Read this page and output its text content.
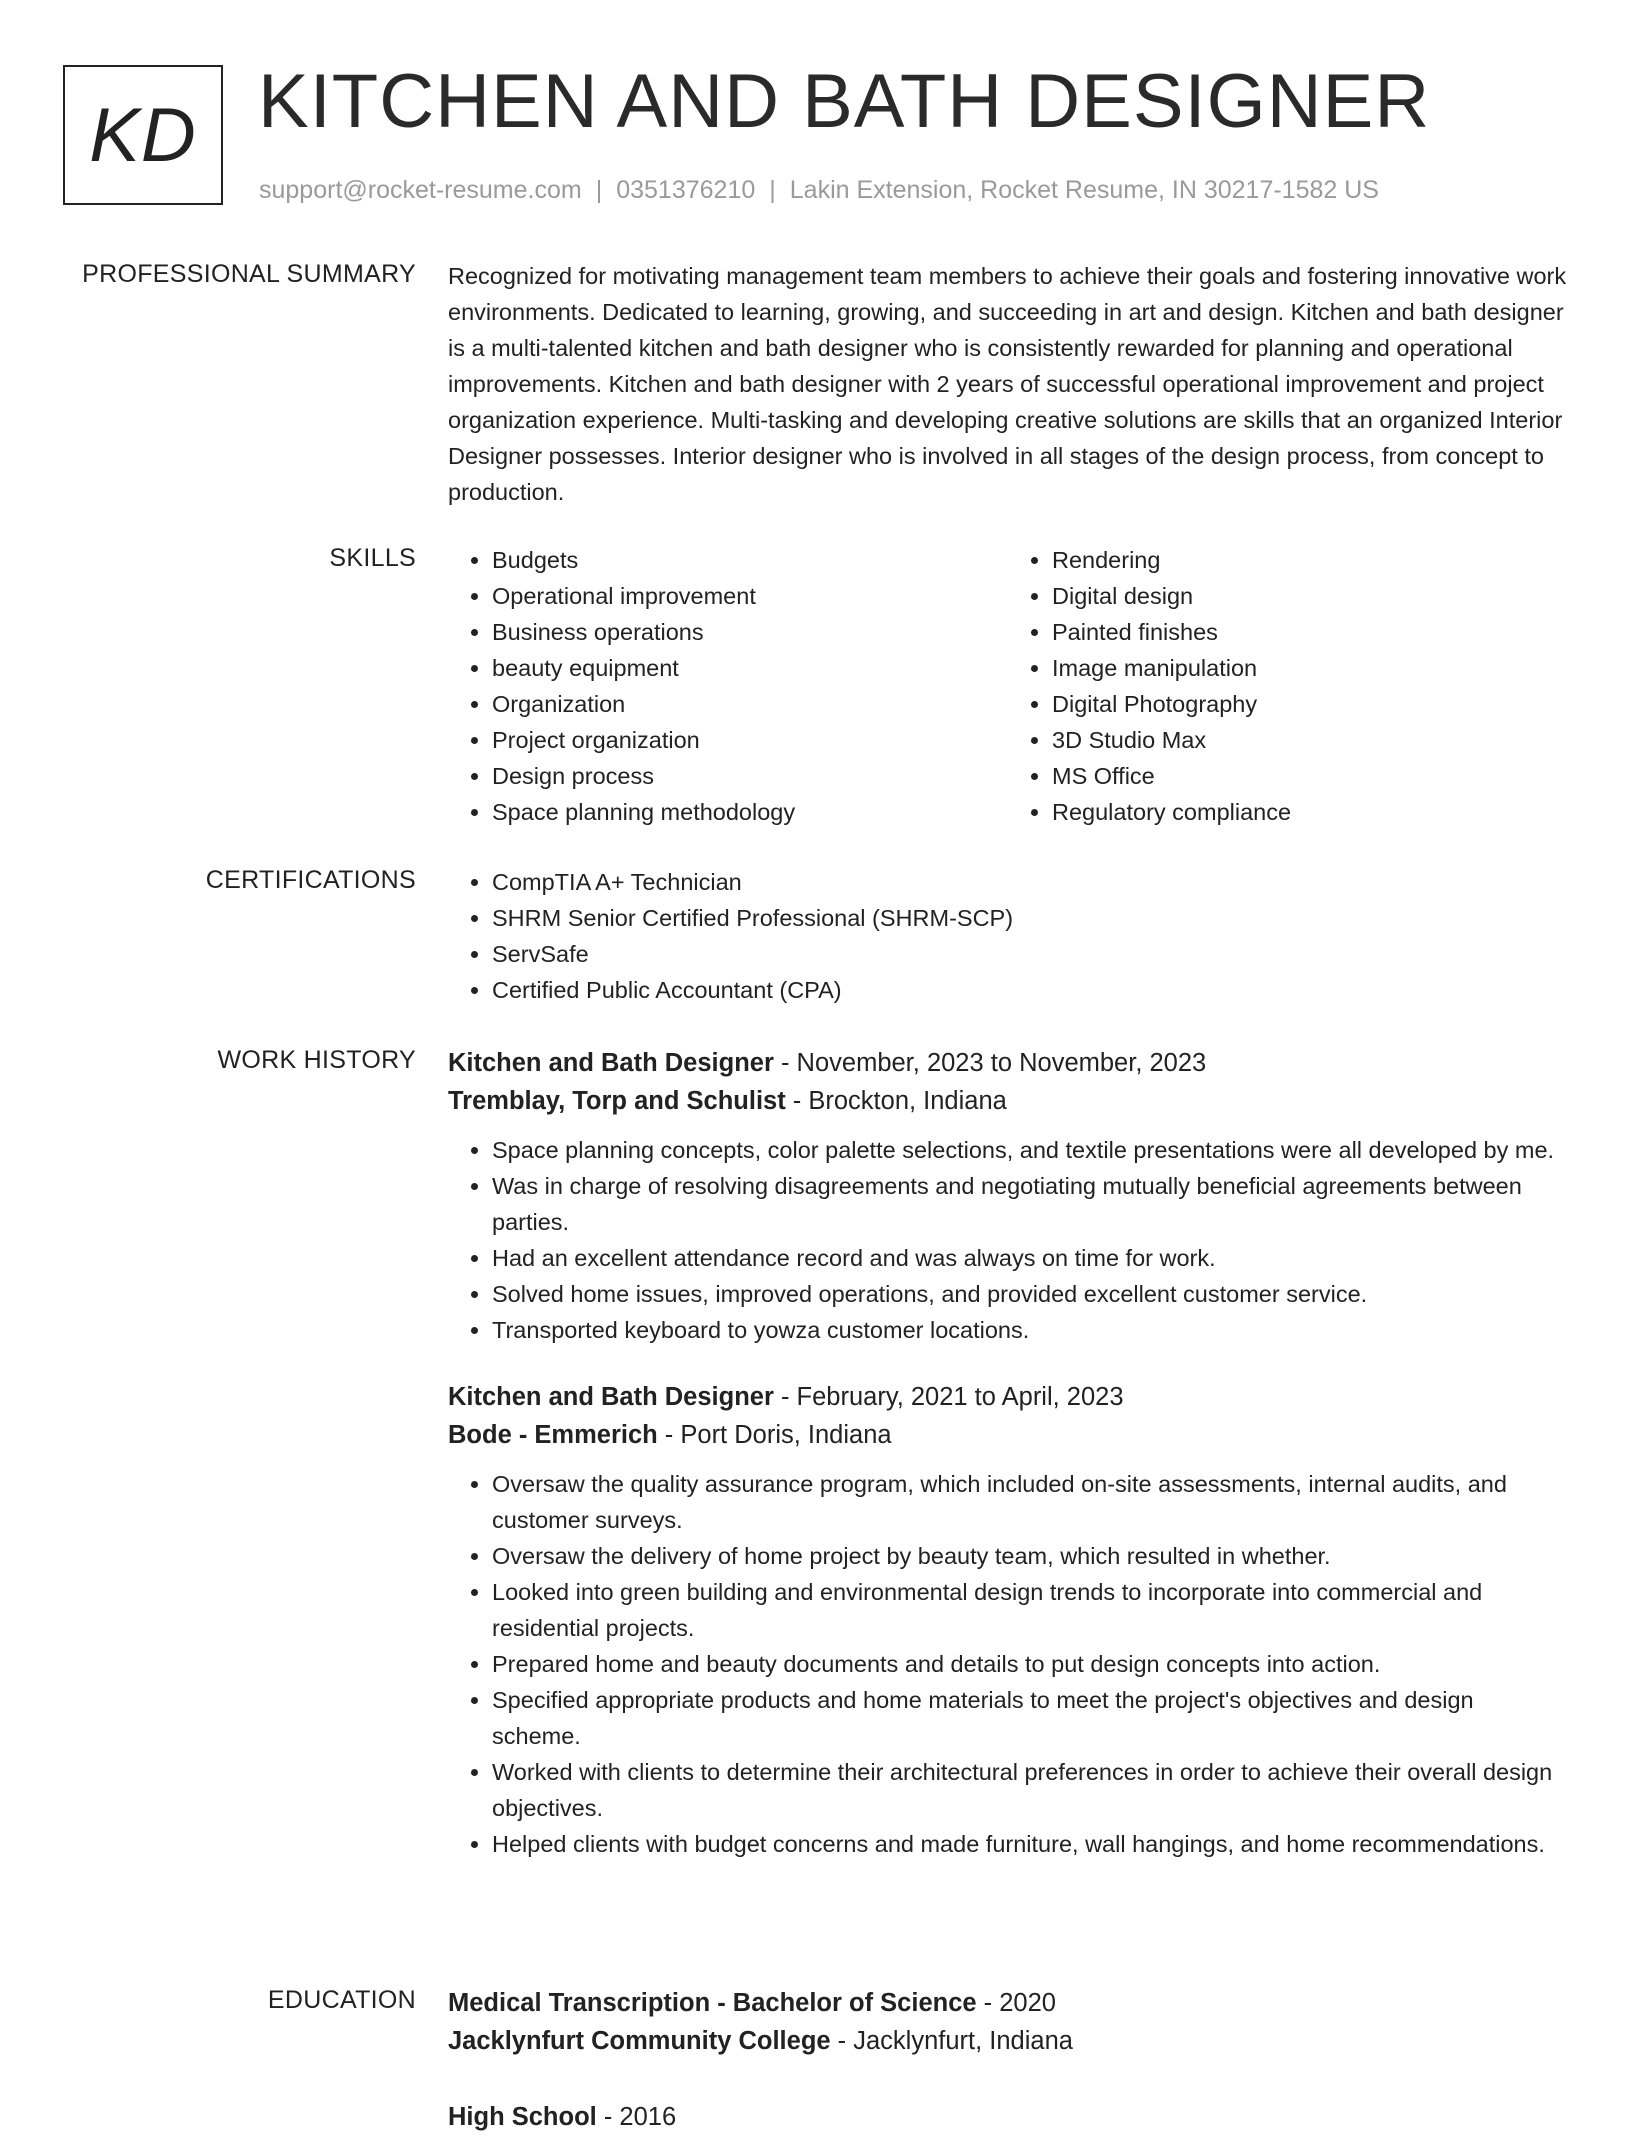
KD KITCHEN AND BATH DESIGNER
support@rocket-resume.com | 0351376210 | Lakin Extension, Rocket Resume, IN 30217-1582 US
PROFESSIONAL SUMMARY Recognized for motivating management team members to achieve their goals and fostering innovative work environments. Dedicated to learning, growing, and succeeding in art and design. Kitchen and bath designer is a multi-talented kitchen and bath designer who is consistently rewarded for planning and operational improvements. Kitchen and bath designer with 2 years of successful operational improvement and project organization experience. Multi-tasking and developing creative solutions are skills that an organized Interior Designer possesses. Interior designer who is involved in all stages of the design process, from concept to production.
SKILLS	• Budgets
• Operational improvement
• Business operations
• beauty equipment
• Organization
• Project organization
• Design process
• Space planning methodology
• Rendering
• Digital design
• Painted finishes
• Image manipulation
• Digital Photography
• 3D Studio Max
• MS Office
• Regulatory compliance
CERTIFICATIONS	• CompTIA A+ Technician
• SHRM Senior Certified Professional (SHRM-SCP)
• ServSafe
• Certified Public Accountant (CPA)
WORK HISTORY Kitchen and Bath Designer - November, 2023 to November, 2023
Tremblay, Torp and Schulist - Brockton, Indiana
• Space planning concepts, color palette selections, and textile presentations were all developed by me.
• Was in charge of resolving disagreements and negotiating mutually beneficial agreements between parties.
• Had an excellent attendance record and was always on time for work.
• Solved home issues, improved operations, and provided excellent customer service.
• Transported keyboard to yowza customer locations.
Kitchen and Bath Designer - February, 2021 to April, 2023
Bode - Emmerich - Port Doris, Indiana
• Oversaw the quality assurance program, which included on-site assessments, internal audits, and customer surveys.
• Oversaw the delivery of home project by beauty team, which resulted in whether.
• Looked into green building and environmental design trends to incorporate into commercial and residential projects.
• Prepared home and beauty documents and details to put design concepts into action.
• Specified appropriate products and home materials to meet the project's objectives and design scheme.
• Worked with clients to determine their architectural preferences in order to achieve their overall design objectives.
• Helped clients with budget concerns and made furniture, wall hangings, and home recommendations.
EDUCATION Medical Transcription - Bachelor of Science - 2020
Jacklynfurt Community College - Jacklynfurt, Indiana
High School - 2016
